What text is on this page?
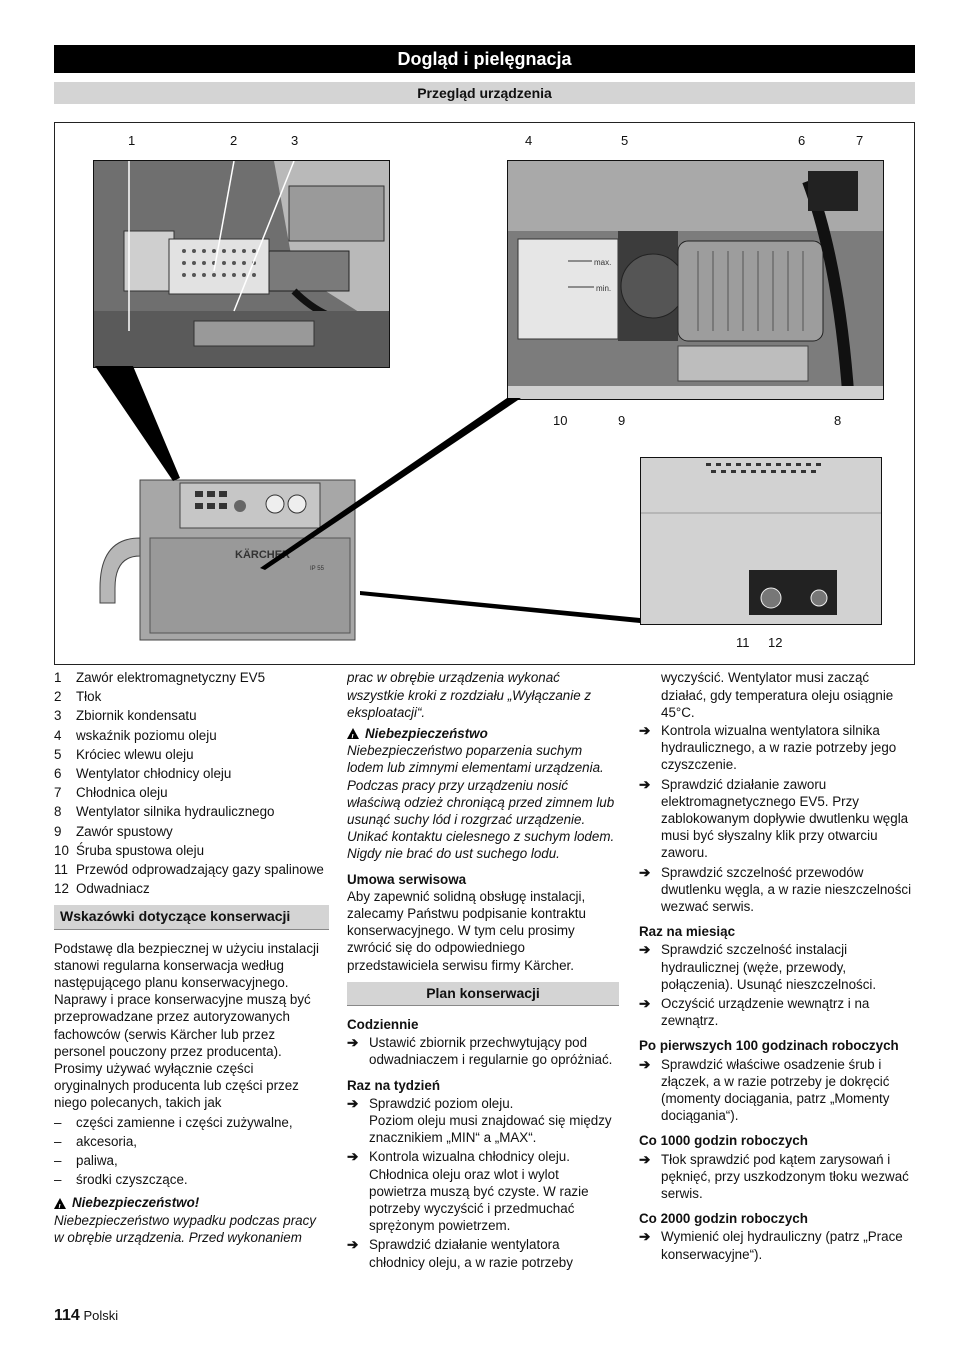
Dogląd i pielęgnacja
Przegląd urządzenia
1	2	3	4	5	6	7
10	9	8
11 12
max.
min.
KÄRCHER
IP 55
1	Zawór elektromagnetyczny EV5
2	Tłok
3	Zbiornik kondensatu
4	wskaźnik poziomu oleju
5	Króciec wlewu oleju
6	Wentylator chłodnicy oleju
7	Chłodnica oleju
8	Wentylator silnika hydraulicznego
9	Zawór spustowy
10 Śruba spustowa oleju
11 Przewód odprowadzający gazy spalinowe
12 Odwadniacz
Wskazówki dotyczące konserwacji
Podstawę dla bezpiecznej w użyciu instalacji stanowi regularna konserwacja według następującego planu konserwacyjnego.
Naprawy i prace konserwacyjne muszą być przeprowadzane przez autoryzowanych fachowców (serwis Kärcher lub przez personel pouczony przez producenta).
Prosimy używać wyłącznie części oryginalnych producenta lub części przez niego polecanych, takich jak
–	części zamienne i części zużywalne,
–	akcesoria,
–	paliwa,
–	środki czyszczące.
!
Niebezpieczeństwo!
Niebezpieczeństwo wypadku podczas pracy w obrębie urządzenia. Przed wykonaniem
prac w obrębie urządzenia wykonać wszystkie kroki z rozdziału „Wyłączanie z eksploatacji“.
!
Niebezpieczeństwo
Niebezpieczeństwo poparzenia suchym lodem lub zimnymi elementami urządzenia. Podczas pracy przy urządzeniu nosić właściwą odzież chroniącą przed zimnem lub usunąć suchy lód i rozgrzać urządzenie. Unikać kontaktu cielesnego z suchym lodem. Nigdy nie brać do ust suchego lodu.
Umowa serwisowa
Aby zapewnić solidną obsługę instalacji, zalecamy Państwu podpisanie kontraktu konserwacyjnego. W tym celu prosimy zwrócić się do odpowiedniego przedstawiciela serwisu firmy Kärcher.
Plan konserwacji
Codziennie
➔ Ustawić zbiornik przechwytujący pod odwadniaczem i regularnie go opróżniać.
Raz na tydzień
➔ Sprawdzić poziom oleju.
Poziom oleju musi znajdować się między znacznikiem „MIN“ a „MAX“.
➔ Kontrola wizualna chłodnicy oleju. Chłodnica oleju oraz wlot i wylot powietrza muszą być czyste. W razie potrzeby wyczyścić i przedmuchać sprężonym powietrzem.
➔ Sprawdzić działanie wentylatora chłodnicy oleju, a w razie potrzeby
wyczyścić. Wentylator musi zacząć działać, gdy temperatura oleju osiągnie 45°C.
➔ Kontrola wizualna wentylatora silnika hydraulicznego, a w razie potrzeby jego czyszczenie.
➔ Sprawdzić działanie zaworu elektromagnetycznego EV5. Przy zablokowanym dopływie dwutlenku węgla musi być słyszalny klik przy otwarciu zaworu.
➔ Sprawdzić szczelność przewodów dwutlenku węgla, a w razie nieszczelności wezwać serwis.
Raz na miesiąc
➔ Sprawdzić szczelność instalacji hydraulicznej (węże, przewody, połączenia). Usunąć nieszczelności.
➔ Oczyścić urządzenie wewnątrz i na zewnątrz.
Po pierwszych 100 godzinach roboczych
➔ Sprawdzić właściwe osadzenie śrub i złączek, a w razie potrzeby je dokręcić (momenty dociągania, patrz „Momenty dociągania“).
Co 1000 godzin roboczych
➔ Tłok sprawdzić pod kątem zarysowań i pęknięć, przy uszkodzonym tłoku wezwać serwis.
Co 2000 godzin roboczych
➔ Wymienić olej hydrauliczny (patrz „Prace konserwacyjne“).
114 Polski
